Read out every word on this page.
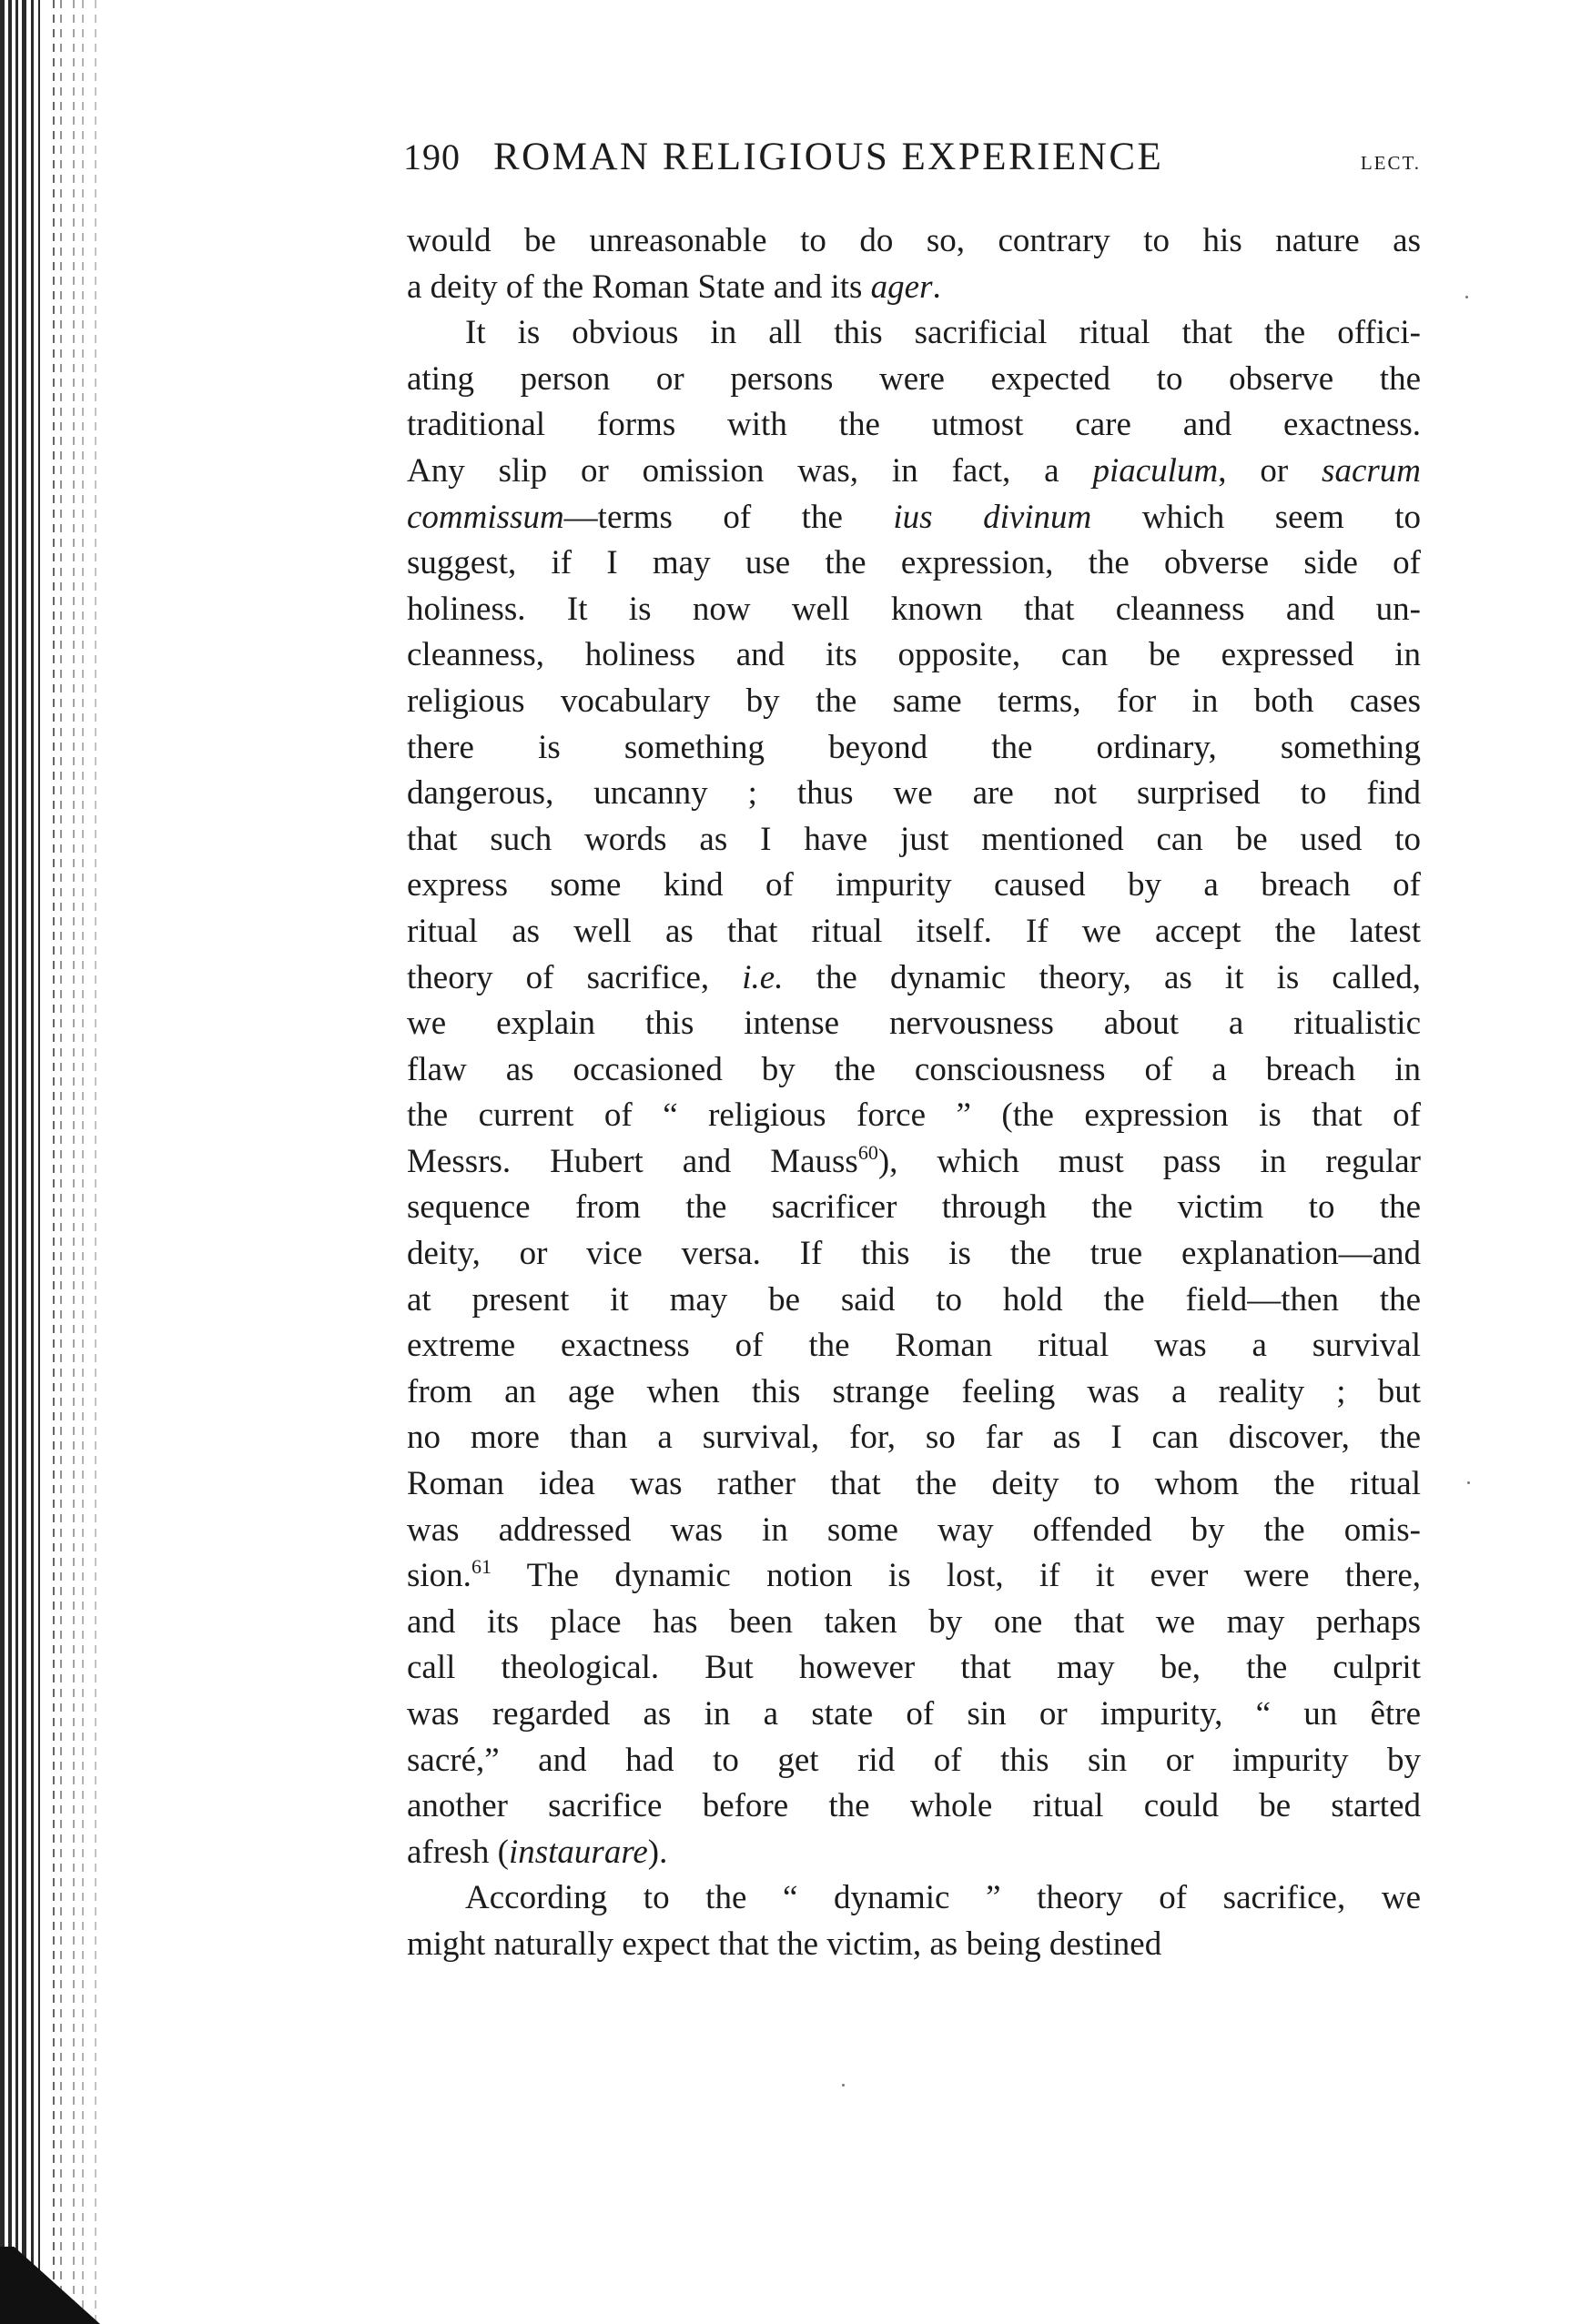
190 ROMAN RELIGIOUS EXPERIENCE	LECT.
would be unreasonable to do so, contrary to his nature as
a deity of the Roman State and its ager.
It is obvious in all this sacrificial ritual that the offici-
ating person or persons were expected to observe the
traditional forms with the utmost care and exactness.
Any slip or omission was, in fact, a piaculum, or sacrum
commissum—terms of the ius divinum which seem to
suggest, if I may use the expression, the obverse side of
holiness. It is now well known that cleanness and un-
cleanness, holiness and its opposite, can be expressed in
religious vocabulary by the same terms, for in both cases
there is something beyond the ordinary, something
dangerous, uncanny ; thus we are not surprised to find
that such words as I have just mentioned can be used to
express some kind of impurity caused by a breach of
ritual as well as that ritual itself. If we accept the latest
theory of sacrifice, i.e. the dynamic theory, as it is called,
we explain this intense nervousness about a ritualistic
flaw as occasioned by the consciousness of a breach in
the current of “ religious force ” (the expression is that of
Messrs. Hubert and Mauss$^{60}$), which must pass in regular
sequence from the sacrificer through the victim to the
deity, or vice versa. If this is the true explanation—and
at present it may be said to hold the field—then the
extreme exactness of the Roman ritual was a survival
from an age when this strange feeling was a reality ; but
no more than a survival, for, so far as I can discover, the
Roman idea was rather that the deity to whom the ritual
was addressed was in some way offended by the omis-
sion.$^{61}$ The dynamic notion is lost, if it ever were there,
and its place has been taken by one that we may perhaps
call theological. But however that may be, the culprit
was regarded as in a state of sin or impurity, “ un être
sacré,” and had to get rid of this sin or impurity by
another sacrifice before the whole ritual could be started
afresh (instaurare).
According to the “ dynamic ” theory of sacrifice, we
might naturally expect that the victim, as being destined
